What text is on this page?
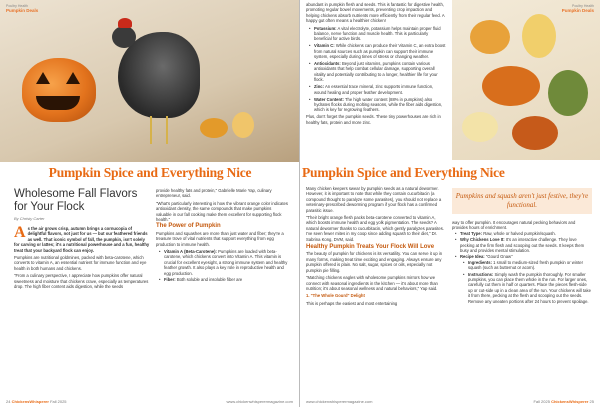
Poultry Health
Pumpkin Deals
Pumpkin Spice and Everything Nice
Wholesome Fall Flavors for Your Flock
By Christy Carter

As the air grows crisp, autumn brings a cornucopia of delightful flavors, not just for us — but our feathered friends as well. That iconic symbol of fall, the pumpkin, isn't solely for carving or lattes; it's a nutritional powerhouse and a fun, healthy treat that your backyard flock can enjoy.

Pumpkins are nutritional goldmines, packed with beta-carotene, which converts to vitamin A, an essential nutrient for immune function and eye health in both humans and chickens.

"From a culinary perspective, I appreciate how pumpkins offer natural sweetness and moisture that chickens crave, especially as temperatures drop. The high fiber content aids digestion, while the seeds

provide healthy fats and protein," Gabrielle Marie Yap, culinary entrepreneur, said.

"What's particularly interesting is how the vibrant orange color indicates antioxidant density, the same compounds that make pumpkins valuable in our fall cooking make them excellent for supporting flock health."

The Power of Pumpkin

Pumpkins and squashes are more than just water and fiber; they're a treasure trove of vital nutrients that support everything from egg production to immune health.

• Vitamin A (Beta-Carotene): Pumpkins are loaded with beta-carotene, which chickens convert into Vitamin A. This vitamin is crucial for excellent eyesight, a strong immune system and healthy feather growth. It also plays a key role in reproductive health and egg production.
• Fiber: Both soluble and insoluble fiber are
24 ChickensWhisperer Fall 2025	www.chickenwhisperermagazine.com

abundant in pumpkin flesh and seeds. This is fantastic for digestive health, promoting regular bowel movements, preventing crop impaction and helping chickens absorb nutrients more efficiently from their regular feed. A happy gut often means a healthier chicken!

• Potassium: A vital electrolyte, potassium helps maintain proper fluid balance, nerve function and muscle health. This is particularly beneficial for active birds.
• Vitamin C: While chickens can produce their Vitamin C, an extra boost from natural sources such as pumpkin can support their immune system, especially during times of stress or changing weather.
• Antioxidants: Beyond just vitamins, pumpkins contain various antioxidants that help combat cellular damage, supporting overall vitality and potentially contributing to a longer, healthier life for your flock.
• Zinc: An essential trace mineral, zinc supports immune function, wound healing and proper feather development.
• Water Content: The high water content (88% in pumpkins) also hydrates flocks during molting seasons, while the fiber aids digestion, which is key for regrowing feathers.

Plus, don't forget the pumpkin seeds. These tiny powerhouses are rich in healthy fats, protein and more zinc.

Poultry Health
Pumpkin Deals
Pumpkin Spice and Everything Nice

Many chicken keepers swear by pumpkin seeds as a natural dewormer. However, it is important to note that while they contain cucurbitacin (a compound thought to paralyze some parasites), you should not replace a veterinary-prescribed deworming program if your flock has a confirmed parasitic issue.

"Their bright orange flesh packs beta-carotene converted to vitamin A, which boosts immune health and egg yolk pigmentation. The seeds? A natural dewormer thanks to cucurbitacin, which gently paralyzes parasites. I've seen fewer mites in my coop since adding squash to their diet," Dr. Sabrina Kong, DVM, said.

Healthy Pumpkin Treats Your Flock Will Love

The beauty of pumpkin for chickens is its versatility. You can serve it up in many forms, making treat time exciting and engaging. Always ensure any pumpkin offered is plain. No salt, sugar, spices or oils, especially not pumpkin pie filling.

"Matching chickens eagles with wholesome pumpkins mirrors how we connect with seasonal ingredients in the kitchen — it's about more than nutrition; it's about seasonal wellness and natural behaviors," Yap said.

1. "The Whole Gourd" Delight

This is perhaps the easiest and most entertaining

Pumpkins and squash aren't just festive, they're functional.

way to offer pumpkin. It encourages natural pecking behaviors and provides hours of enrichment.

• Treat Type: Raw, whole or halved pumpkin/squash.
• Why Chickens Love It: It's an interactive challenge. They love pecking at the firm flesh and scooping out the seeds. It keeps them busy and provides mental stimulation.
• Recipe Idea: "Gourd Gnaw"
• Ingredients: 1 small to medium-sized fresh pumpkin or winter squash (such as butternut or acorn).
• Instructions: Simply wash the pumpkin thoroughly. For smaller pumpkins, you can place them whole in the run. For larger ones, carefully cut them in half or quarters. Place the pieces flesh-side up or cut-side up in a clean area of the run. Your chickens will take it from there, pecking at the flesh and scooping out the seeds. Remove any uneaten portions after 24 hours to prevent spoilage.
www.chickenwhisperermagazine.com	Fall 2025 ChickensWhisperer 25
